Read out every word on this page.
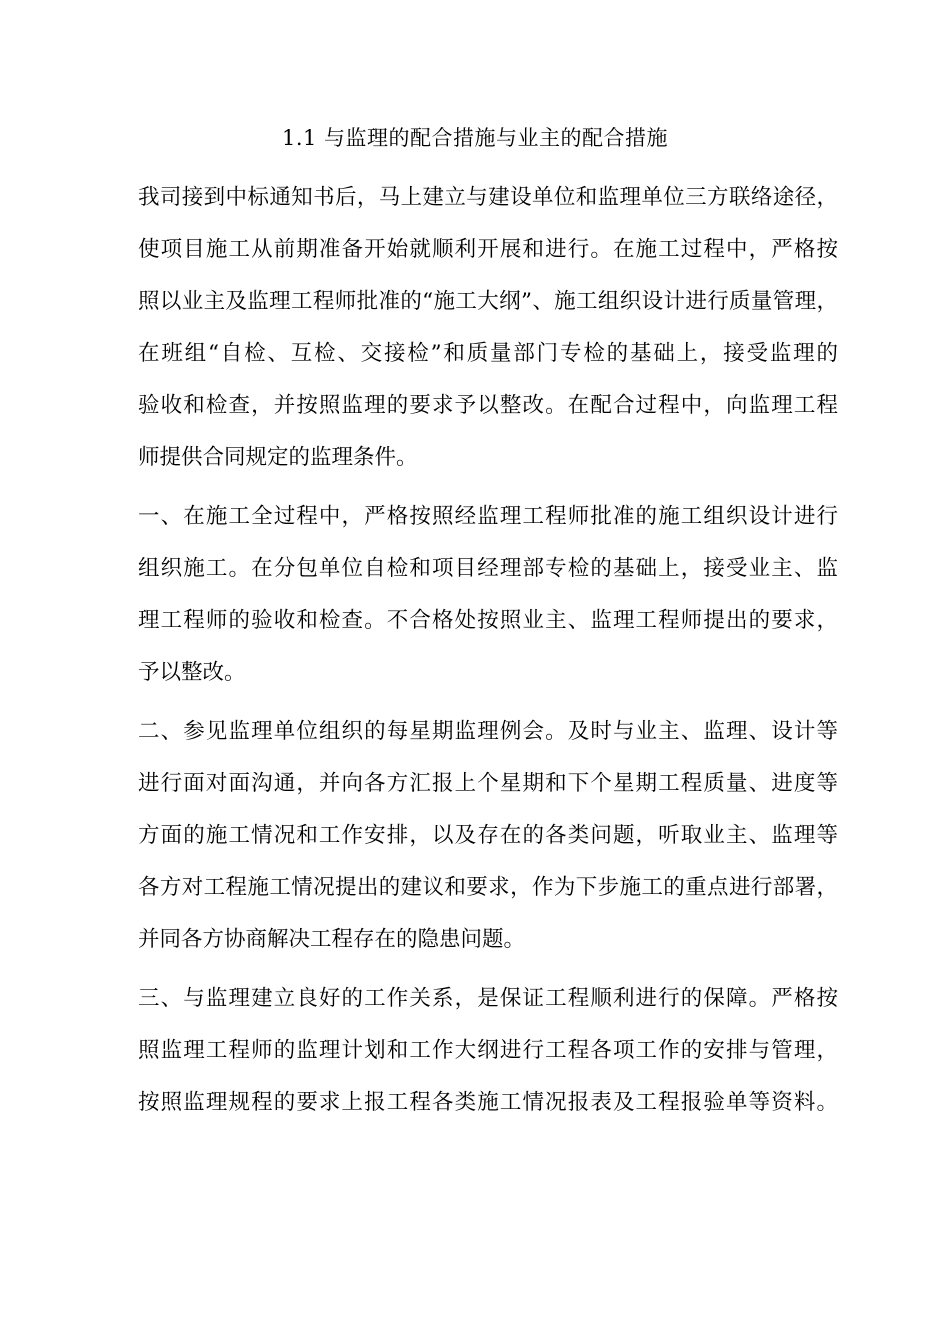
1.1 与监理的配合措施与业主的配合措施
我司接到中标通知书后，马上建立与建设单位和监理单位三方联络途径，
使项目施工从前期准备开始就顺利开展和进行。在施工过程中，严格按
照以业主及监理工程师批准的“施工大纲”、施工组织设计进行质量管理，
在班组“自检、互检、交接检”和质量部门专检的基础上，接受监理的
验收和检查，并按照监理的要求予以整改。在配合过程中，向监理工程
师提供合同规定的监理条件。
一、在施工全过程中，严格按照经监理工程师批准的施工组织设计进行
组织施工。在分包单位自检和项目经理部专检的基础上，接受业主、监
理工程师的验收和检查。不合格处按照业主、监理工程师提出的要求，
予以整改。
二、参见监理单位组织的每星期监理例会。及时与业主、监理、设计等
进行面对面沟通，并向各方汇报上个星期和下个星期工程质量、进度等
方面的施工情况和工作安排，以及存在的各类问题，听取业主、监理等
各方对工程施工情况提出的建议和要求，作为下步施工的重点进行部署，
并同各方协商解决工程存在的隐患问题。
三、与监理建立良好的工作关系，是保证工程顺利进行的保障。严格按
照监理工程师的监理计划和工作大纲进行工程各项工作的安排与管理，
按照监理规程的要求上报工程各类施工情况报表及工程报验单等资料。
